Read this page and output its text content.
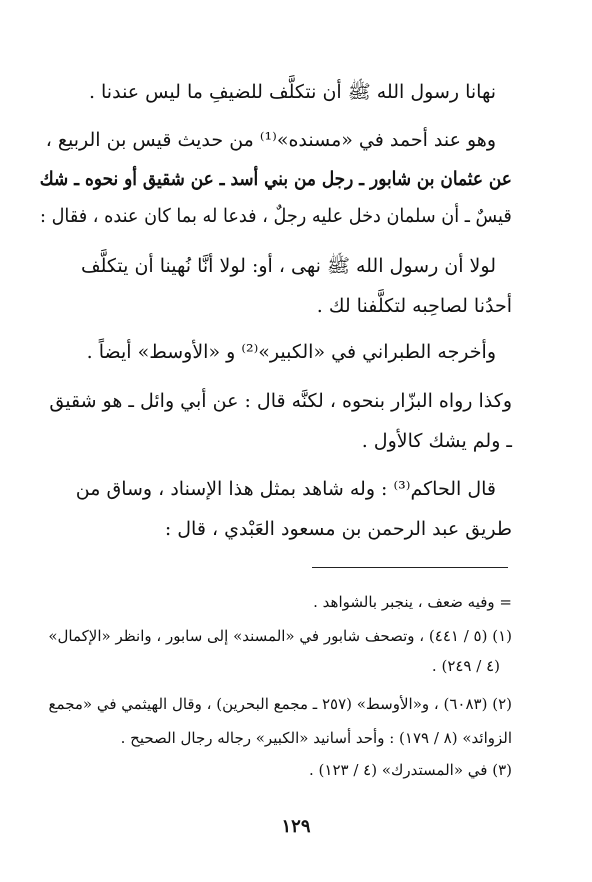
نهانا رسول الله ﷺ أن نتكلَّف للضيفِ ما ليس عندنا .
وهو عند أحمد في «مسنده»⁽¹⁾ من حديث قيس بن الربيع ،
عن عثمان بن شابور ـ رجل من بني أسد ـ عن شقيق أو نحوه ـ شك
قيسٌ ـ أن سلمان دخل عليه رجلٌ ، فدعا له بما كان عنده ، فقال :
لولا أن رسول الله ﷺ نهى ، أو: لولا أنَّا نُهينا أن يتكلَّف
أحدُنا لصاحِبه لتكلَّفنا لك .
وأخرجه الطبراني في «الكبير»⁽²⁾ و «الأوسط» أيضاً .
وكذا رواه البزّار بنحوه ، لكنَّه قال : عن أبي وائل ـ هو شقيق
ـ ولم يشك كالأول .
قال الحاكم⁽³⁾ : وله شاهد بمثل هذا الإسناد ، وساق من
طريق عبد الرحمن بن مسعود العَبْدي ، قال :
= وفيه ضعف ، ينجبر بالشواهد .
(١) (٥ / ٤٤١) ، وتصحف شابور في «المسند» إلى سابور ، وانظر «الإكمال»
(٤ / ٢٤٩) .
(٢) (٦٠٨٣) ، و«الأوسط» (٢٥٧ ـ مجمع البحرين) ، وقال الهيثمي في «مجمع
الزوائد» (٨ / ١٧٩) : وأحد أسانيد «الكبير» رجاله رجال الصحيح .
(٣) في «المستدرك» (٤ / ١٢٣) .
١٢٩
